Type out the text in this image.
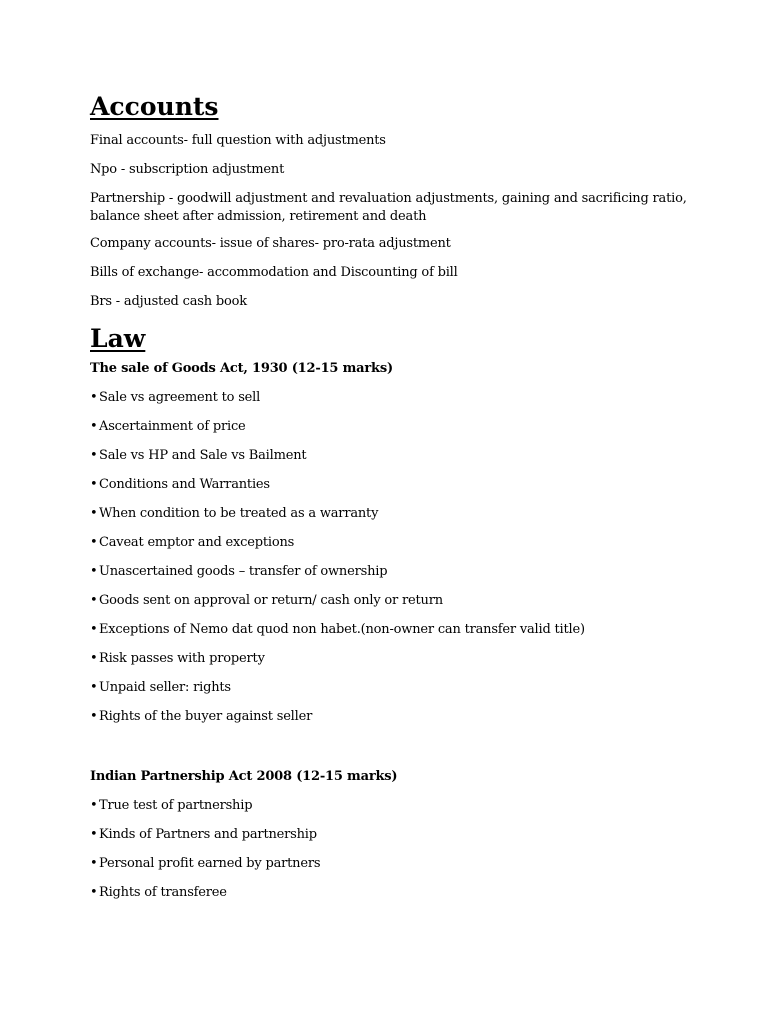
Accounts

Final accounts- full question with adjustments

Npo - subscription adjustment

Partnership - goodwill adjustment and revaluation adjustments, gaining and sacrificing ratio, balance sheet after admission, retirement and death

Company accounts- issue of shares- pro-rata adjustment

Bills of exchange- accommodation and Discounting of bill

Brs - adjusted cash book

Law
The sale of Goods Act, 1930 (12-15 marks)
• Sale vs agreement to sell
• Ascertainment of price
• Sale vs HP and Sale vs Bailment
• Conditions and Warranties
• When condition to be treated as a warranty
• Caveat emptor and exceptions
• Unascertained goods – transfer of ownership
• Goods sent on approval or return/ cash only or return
• Exceptions of Nemo dat quod non habet.(non-owner can transfer valid title)
• Risk passes with property
• Unpaid seller: rights
• Rights of the buyer against seller
Indian Partnership Act 2008 (12-15 marks)
• True test of partnership
• Kinds of Partners and partnership
• Personal profit earned by partners
• Rights of transferee
